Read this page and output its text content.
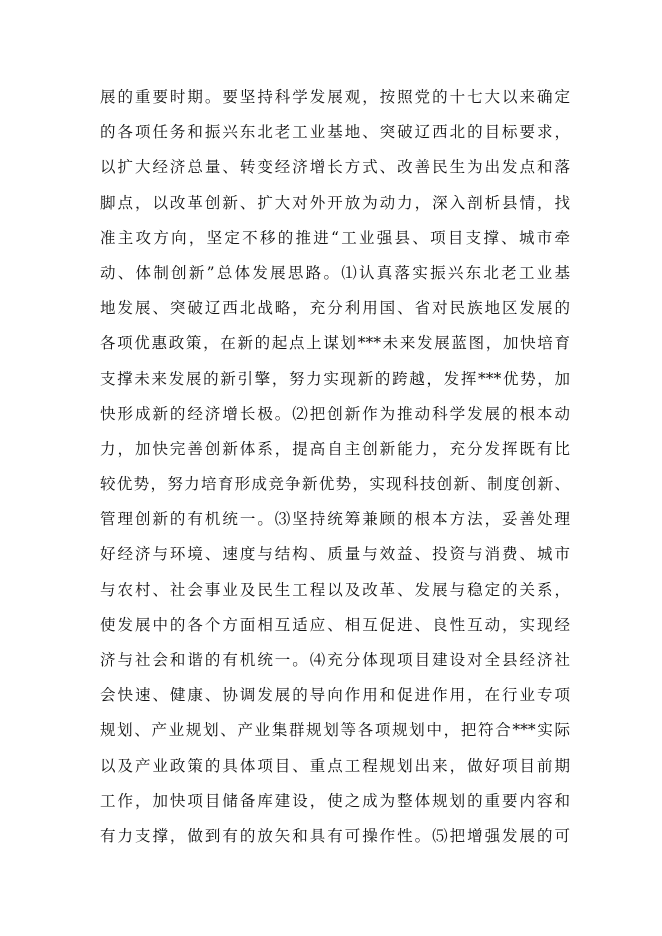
展的重要时期。要坚持科学发展观，按照党的十七大以来确定
的各项任务和振兴东北老工业基地、突破辽西北的目标要求，
以扩大经济总量、转变经济增长方式、改善民生为出发点和落
脚点，以改革创新、扩大对外开放为动力，深入剖析县情，找
准主攻方向，坚定不移的推进“工业强县、项目支撑、城市牵
动、体制创新”总体发展思路。⑴认真落实振兴东北老工业基
地发展、突破辽西北战略，充分利用国、省对民族地区发展的
各项优惠政策，在新的起点上谋划***未来发展蓝图，加快培育
支撑未来发展的新引擎，努力实现新的跨越，发挥***优势，加
快形成新的经济增长极。⑵把创新作为推动科学发展的根本动
力，加快完善创新体系，提高自主创新能力，充分发挥既有比
较优势，努力培育形成竞争新优势，实现科技创新、制度创新、
管理创新的有机统一。⑶坚持统筹兼顾的根本方法，妥善处理
好经济与环境、速度与结构、质量与效益、投资与消费、城市
与农村、社会事业及民生工程以及改革、发展与稳定的关系，
使发展中的各个方面相互适应、相互促进、良性互动，实现经
济与社会和谐的有机统一。⑷充分体现项目建设对全县经济社
会快速、健康、协调发展的导向作用和促进作用，在行业专项
规划、产业规划、产业集群规划等各项规划中，把符合***实际
以及产业政策的具体项目、重点工程规划出来，做好项目前期
工作，加快项目储备库建设，使之成为整体规划的重要内容和
有力支撑，做到有的放矢和具有可操作性。⑸把增强发展的可
